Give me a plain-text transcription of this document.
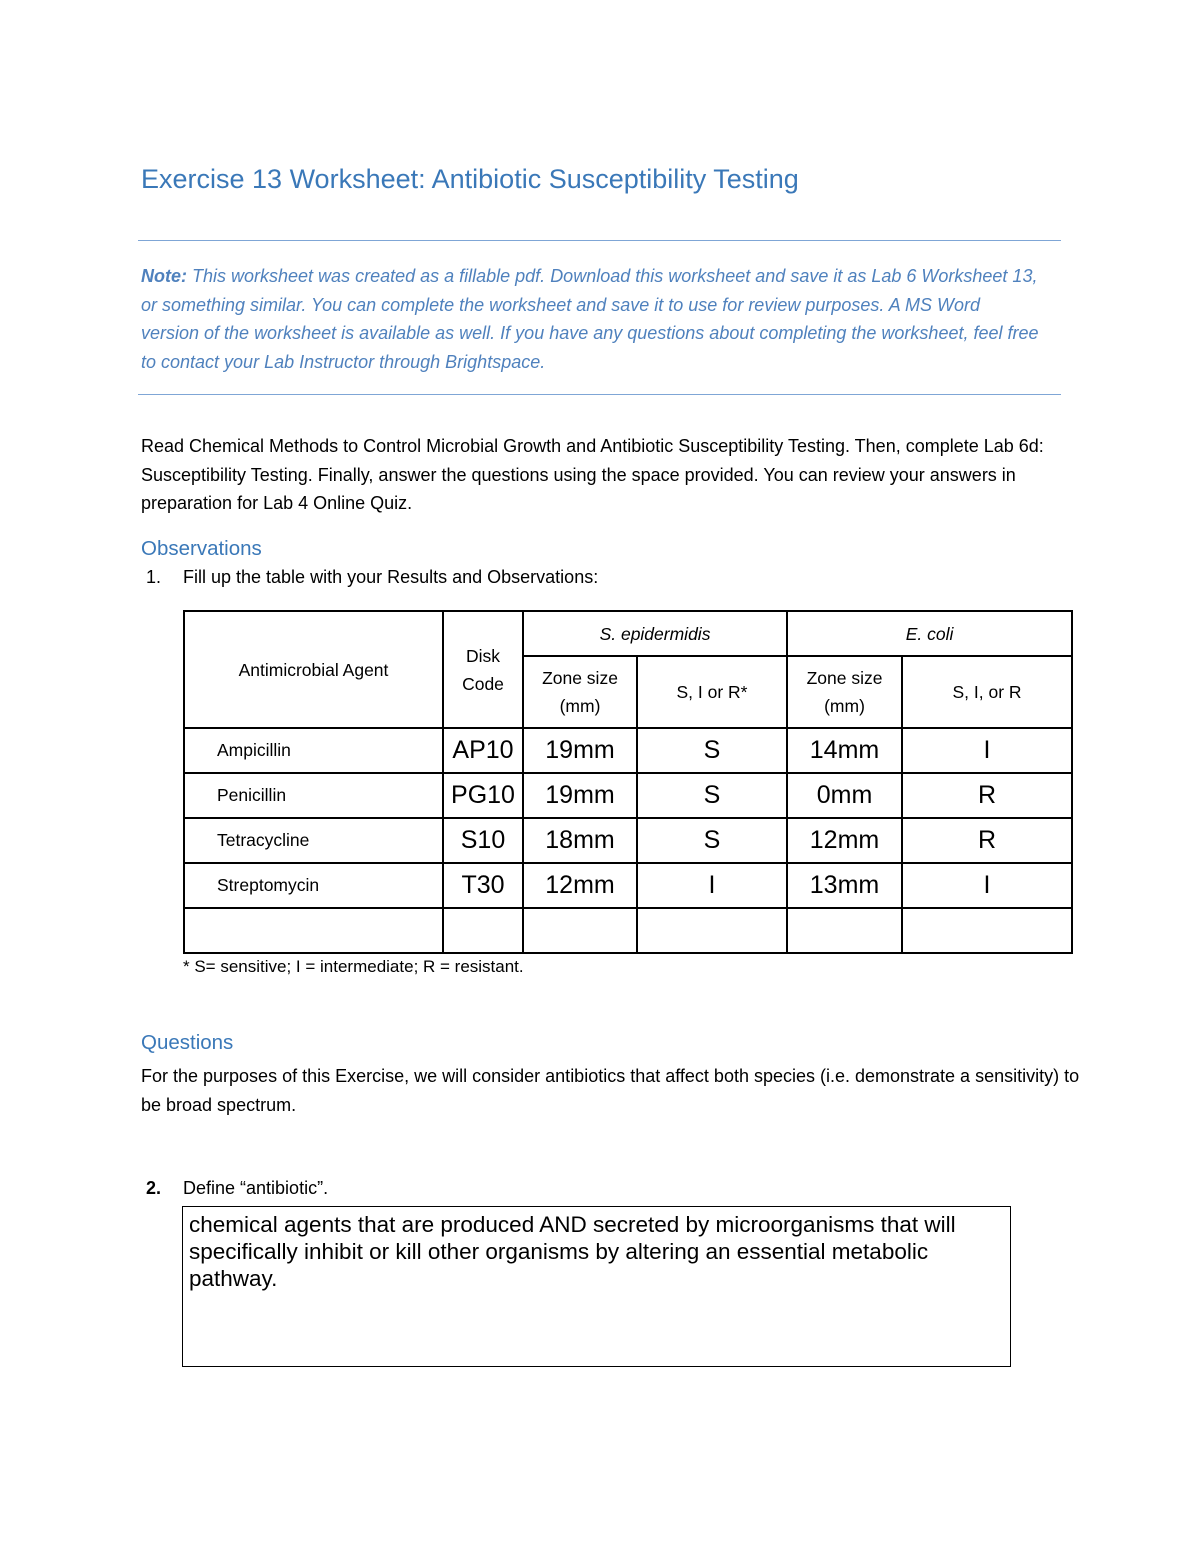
Exercise 13 Worksheet: Antibiotic Susceptibility Testing
Note: This worksheet was created as a fillable pdf. Download this worksheet and save it as Lab 6 Worksheet 13, or something similar. You can complete the worksheet and save it to use for review purposes. A MS Word version of the worksheet is available as well. If you have any questions about completing the worksheet, feel free to contact your Lab Instructor through Brightspace.
Read Chemical Methods to Control Microbial Growth and Antibiotic Susceptibility Testing. Then, complete Lab 6d: Susceptibility Testing. Finally, answer the questions using the space provided. You can review your answers in preparation for Lab 4 Online Quiz.
Observations
1. Fill up the table with your Results and Observations:
Antimicrobial Agent	Disk Code	S. epidermidis		E. coli	
		Zone size (mm)	S, I or R*	Zone size (mm)	S, I, or R
Ampicillin	AP10	19mm	S	14mm	I
Penicillin	PG10	19mm	S	0mm	R
Tetracycline	S10	18mm	S	12mm	R
Streptomycin	T30	12mm	I	13mm	I

* S= sensitive; I = intermediate; R = resistant.
Questions
For the purposes of this Exercise, we will consider antibiotics that affect both species (i.e. demonstrate a sensitivity) to be broad spectrum.
2. Define “antibiotic”.
chemical agents that are produced AND secreted by microorganisms that will specifically inhibit or kill other organisms by altering an essential metabolic pathway.
